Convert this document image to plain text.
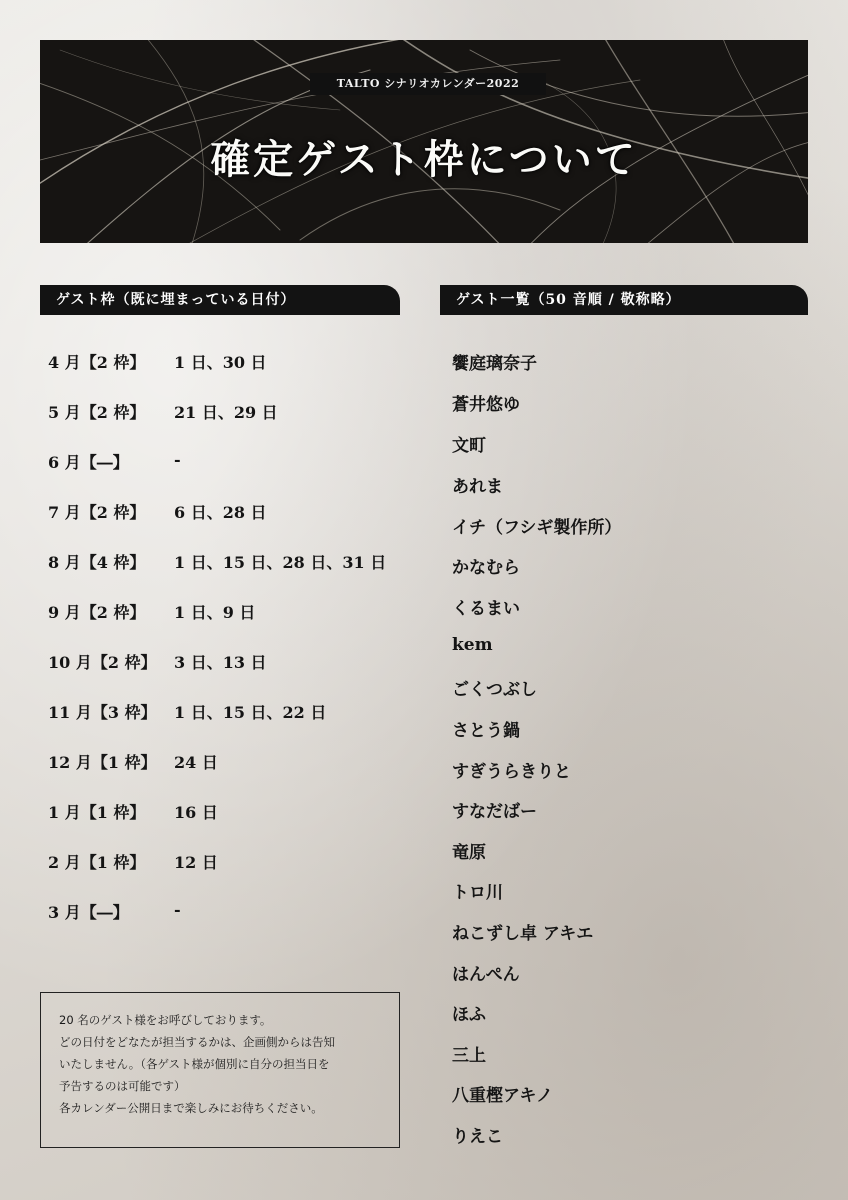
TALTO シナリオカレンダー2022
確定ゲスト枠について
ゲスト枠（既に埋まっている日付）
4 月【2 枠】 1 日、30 日
5 月【2 枠】 21 日、29 日
6 月【―】	-
7 月【2 枠】 6 日、28 日
8 月【4 枠】 1 日、15 日、28 日、31 日
9 月【2 枠】 1 日、9 日
10 月【2 枠】 3 日、13 日
11 月【3 枠】 1 日、15 日、22 日
12 月【1 枠】 24 日
1 月【1 枠】 16 日
2 月【1 枠】 12 日
3 月【―】	-
20 名のゲスト様をお呼びしております。
どの日付をどなたが担当するかは、企画側からは告知
いたしません。（各ゲスト様が個別に自分の担当日を
予告するのは可能です）
各カレンダー公開日まで楽しみにお待ちください。
ゲスト一覧（50 音順 / 敬称略）
饗庭璃奈子
蒼井悠ゆ
文町
あれま
イチ（フシギ製作所）
かなむら
くるまい
kem
ごくつぶし
さとう鍋
すぎうらきりと
すなだばー
竜原
トロ川
ねこずし卓 アキエ
はんぺん
ほふ
三上
八重樫アキノ
りえこ
